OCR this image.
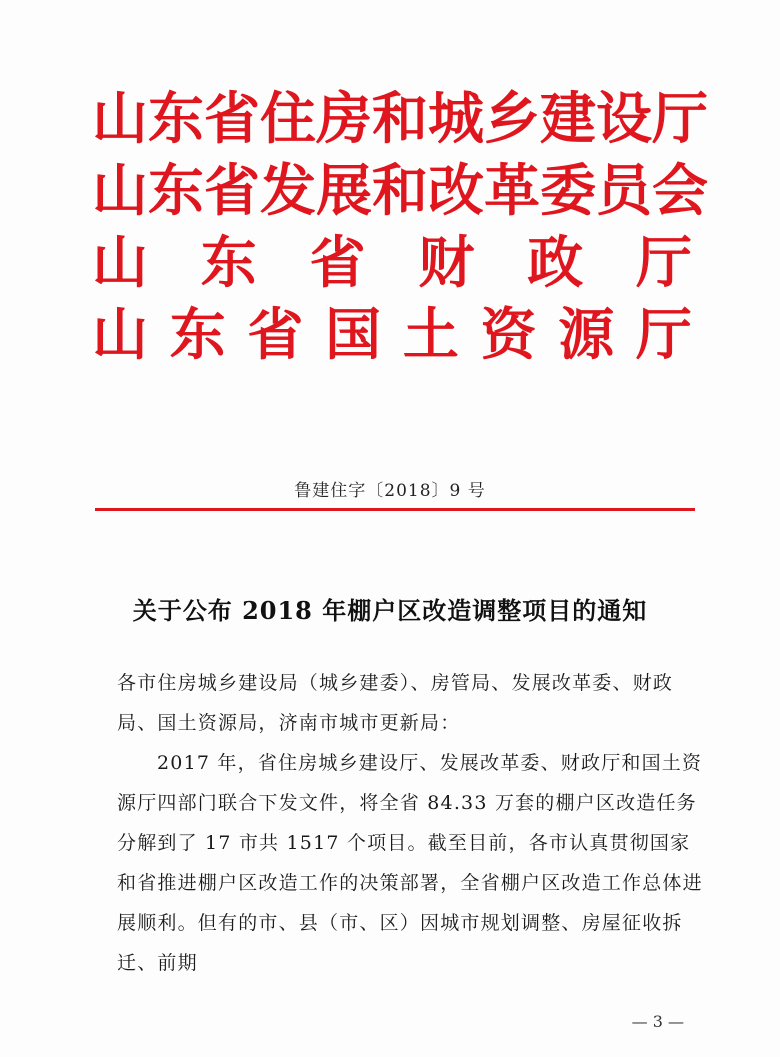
山 东 省 住 房 和 城 乡 建 设 厅
山 东 省 发 展 和 改 革 委 员 会
山 东 省 财 政 厅
山 东 省 国 土 资 源 厅
鲁建住字〔2018〕9 号
关于公布 2018 年棚户区改造调整项目的通知

各市住房城乡建设局（城乡建委）、房管局、发展改革委、财政局、国土资源局，济南市城市更新局：

2017 年，省住房城乡建设厅、发展改革委、财政厅和国土资源厅四部门联合下发文件，将全省 84.33 万套的棚户区改造任务分解到了 17 市共 1517 个项目。截至目前，各市认真贯彻国家和省推进棚户区改造工作的决策部署，全省棚户区改造工作总体进展顺利。但有的市、县（市、区）因城市规划调整、房屋征收拆迁、前期

— 3 —
